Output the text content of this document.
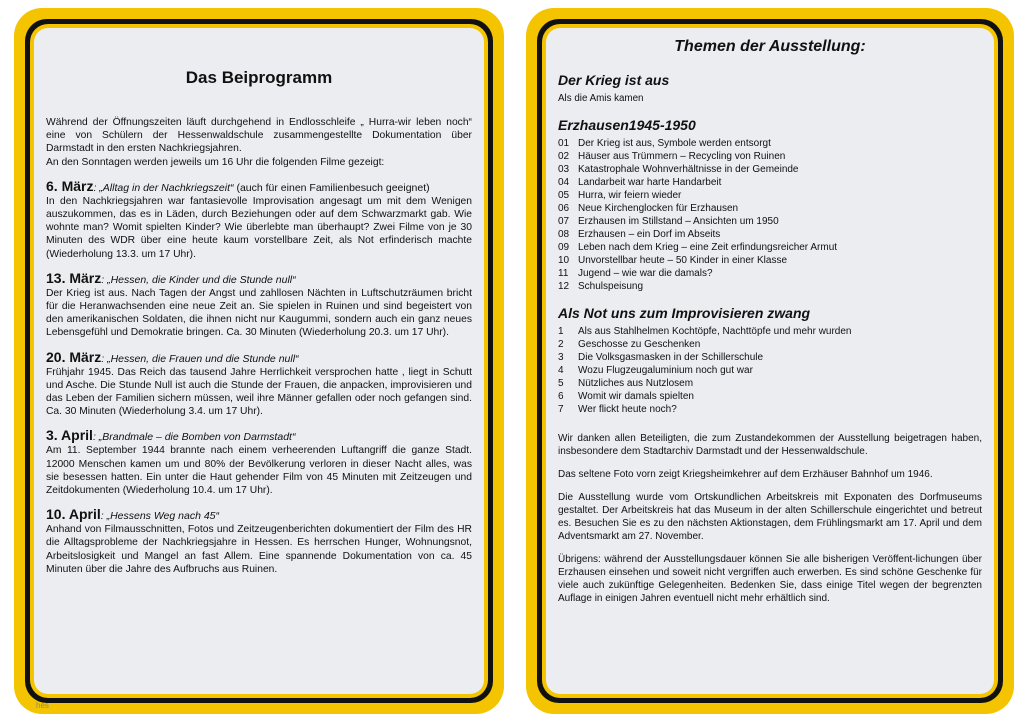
Das Beiprogramm
Während der Öffnungszeiten läuft durchgehend in Endlosschleife „ Hurra-wir leben noch“ eine von Schülern der Hessenwaldschule zusammengestellte Dokumentation über Darmstadt in den ersten Nachkriegsjahren.
An den Sonntagen werden jeweils um 16 Uhr die folgenden Filme gezeigt:
6. März: „Alltag in der Nachkriegszeit“ (auch für einen Familienbesuch geeignet)
In den Nachkriegsjahren war fantasievolle Improvisation angesagt um mit dem Wenigen auszukommen, das es in Läden, durch Beziehungen oder auf dem Schwarzmarkt gab. Wie wohnte man? Womit spielten Kinder? Wie überlebte man überhaupt? Zwei Filme von je 30 Minuten des WDR über eine heute kaum vorstellbare Zeit, als Not erfinderisch machte (Wiederholung 13.3. um 17 Uhr).
13. März: „Hessen, die Kinder und die Stunde null“
Der Krieg ist aus. Nach Tagen der Angst und zahllosen Nächten in Luftschutzräumen bricht für die Heranwachsenden eine neue Zeit an. Sie spielen in Ruinen und sind begeistert von den amerikanischen Soldaten, die ihnen nicht nur Kaugummi, sondern auch ein ganz neues Lebensgefühl und Demokratie bringen. Ca. 30 Minuten (Wiederholung 20.3. um 17 Uhr).
20. März: „Hessen, die Frauen und die Stunde null“
Frühjahr 1945. Das Reich das tausend Jahre Herrlichkeit versprochen hatte , liegt in Schutt und Asche. Die Stunde Null ist auch die Stunde der Frauen, die anpacken, improvisieren und das Leben der Familien sichern müssen, weil ihre Männer gefallen oder noch gefangen sind. Ca. 30 Minuten (Wiederholung 3.4. um 17 Uhr).
3. April: „Brandmale – die Bomben von Darmstadt“
Am 11. September 1944 brannte nach einem verheerenden Luftangriff die ganze Stadt. 12000 Menschen kamen um und 80% der Bevölkerung verloren in dieser Nacht alles, was sie besessen hatten. Ein unter die Haut gehender Film von 45 Minuten mit Zeitzeugen und Zeitdokumenten (Wiederholung 10.4. um 17 Uhr).
10. April: „Hessens Weg nach 45“
Anhand von Filmausschnitten, Fotos und Zeitzeugenberichten dokumentiert der Film des HR die Alltagsprobleme der Nachkriegsjahre in Hessen. Es herrschen Hunger, Wohnungsnot, Arbeitslosigkeit und Mangel an fast Allem. Eine spannende Dokumentation von ca. 45 Minuten über die Jahre des Aufbruchs aus Ruinen.
hes
Themen der Ausstellung:
Der Krieg ist aus
Als die Amis kamen
Erzhausen1945-1950
01 Der Krieg ist aus, Symbole werden entsorgt
02 Häuser aus Trümmern – Recycling von Ruinen
03 Katastrophale Wohnverhältnisse in der Gemeinde
04 Landarbeit war harte Handarbeit
05 Hurra, wir feiern wieder
06 Neue Kirchenglocken für Erzhausen
07 Erzhausen im Stillstand – Ansichten um 1950
08 Erzhausen – ein Dorf im Abseits
09 Leben nach dem Krieg – eine Zeit erfindungsreicher Armut
10 Unvorstellbar heute – 50 Kinder in einer Klasse
11 Jugend – wie war die damals?
12 Schulspeisung
Als Not uns zum Improvisieren zwang
1	Als aus Stahlhelmen Kochtöpfe, Nachttöpfe und mehr wurden
2	Geschosse zu Geschenken
3	Die Volksgasmasken in der Schillerschule
4	Wozu Flugzeugaluminium noch gut war
5	Nützliches aus Nutzlosem
6	Womit wir damals spielten
7	Wer flickt heute noch?
Wir danken allen Beteiligten, die zum Zustandekommen der Ausstellung beigetragen haben, insbesondere dem Stadtarchiv Darmstadt und der Hessenwaldschule.
Das seltene Foto vorn zeigt Kriegsheimkehrer auf dem Erzhäuser Bahnhof um 1946.
Die Ausstellung wurde vom Ortskundlichen Arbeitskreis mit Exponaten des Dorfmuseums gestaltet. Der Arbeitskreis hat das Museum in der alten Schillerschule eingerichtet und betreut es. Besuchen Sie es zu den nächsten Aktionstagen, dem Frühlingsmarkt am 17. April und dem Adventsmarkt am 27. November.
Übrigens: während der Ausstellungsdauer können Sie alle bisherigen Veröffent-lichungen über Erzhausen einsehen und soweit nicht vergriffen auch erwerben. Es sind schöne Geschenke für viele auch zukünftige Gelegenheiten. Bedenken Sie, dass einige Titel wegen der begrenzten Auflage in einigen Jahren eventuell nicht mehr erhältlich sind.
